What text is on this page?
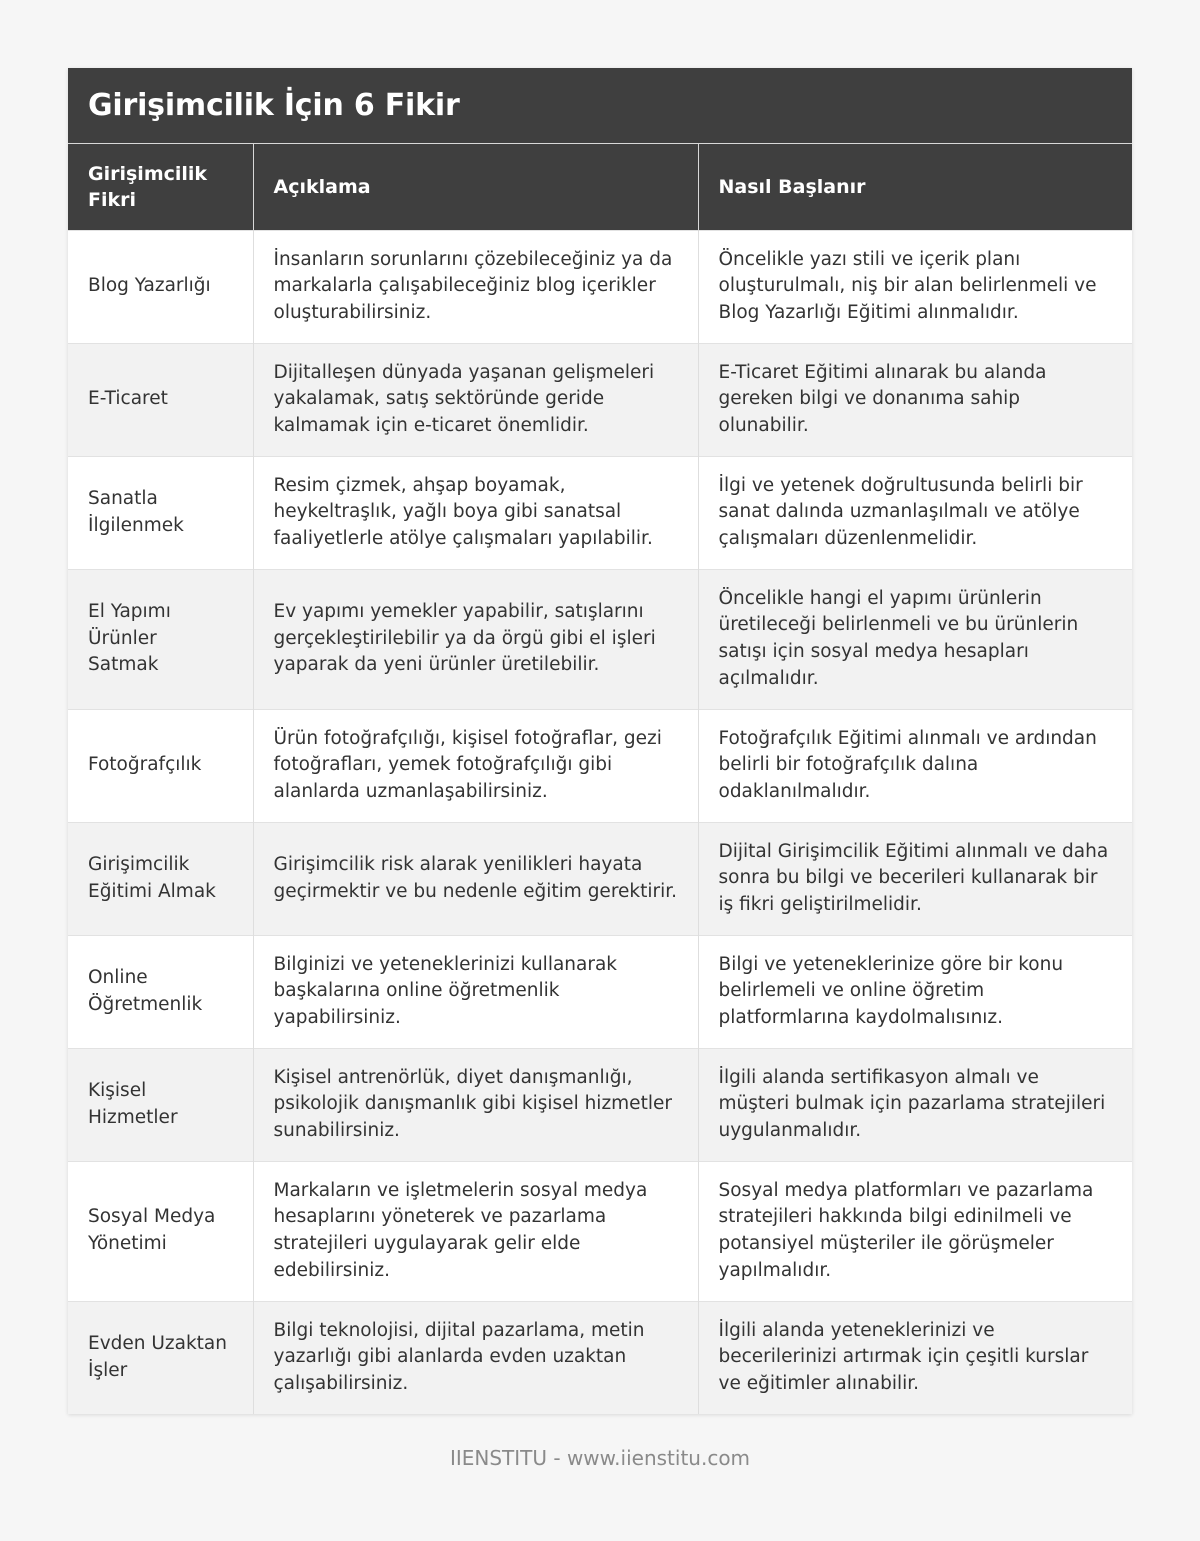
Girişimcilik İçin 6 Fikir
Girişimcilik Fikri	Açıklama	Nasıl Başlanır
Blog Yazarlığı	İnsanların sorunlarını çözebileceğiniz ya da markalarla çalışabileceğiniz blog içerikler oluşturabilirsiniz.	Öncelikle yazı stili ve içerik planı oluşturulmalı, niş bir alan belirlenmeli ve Blog Yazarlığı Eğitimi alınmalıdır.
E-Ticaret	Dijitalleşen dünyada yaşanan gelişmeleri yakalamak, satış sektöründe geride kalmamak için e-ticaret önemlidir.	E-Ticaret Eğitimi alınarak bu alanda gereken bilgi ve donanıma sahip olunabilir.
Sanatla İlgilenmek	Resim çizmek, ahşap boyamak, heykeltraşlık, yağlı boya gibi sanatsal faaliyetlerle atölye çalışmaları yapılabilir.	İlgi ve yetenek doğrultusunda belirli bir sanat dalında uzmanlaşılmalı ve atölye çalışmaları düzenlenmelidir.
El Yapımı Ürünler Satmak	Ev yapımı yemekler yapabilir, satışlarını gerçekleştirilebilir ya da örgü gibi el işleri yaparak da yeni ürünler üretilebilir.	Öncelikle hangi el yapımı ürünlerin üretileceği belirlenmeli ve bu ürünlerin satışı için sosyal medya hesapları açılmalıdır.
Fotoğrafçılık	Ürün fotoğrafçılığı, kişisel fotoğraflar, gezi fotoğrafları, yemek fotoğrafçılığı gibi alanlarda uzmanlaşabilirsiniz.	Fotoğrafçılık Eğitimi alınmalı ve ardından belirli bir fotoğrafçılık dalına odaklanılmalıdır.
Girişimcilik Eğitimi Almak	Girişimcilik risk alarak yenilikleri hayata geçirmektir ve bu nedenle eğitim gerektirir.	Dijital Girişimcilik Eğitimi alınmalı ve daha sonra bu bilgi ve becerileri kullanarak bir iş fikri geliştirilmelidir.
Online Öğretmenlik	Bilginizi ve yeteneklerinizi kullanarak başkalarına online öğretmenlik yapabilirsiniz.	Bilgi ve yeteneklerinize göre bir konu belirlemeli ve online öğretim platformlarına kaydolmalısınız.
Kişisel Hizmetler	Kişisel antrenörlük, diyet danışmanlığı, psikolojik danışmanlık gibi kişisel hizmetler sunabilirsiniz.	İlgili alanda sertifikasyon almalı ve müşteri bulmak için pazarlama stratejileri uygulanmalıdır.
Sosyal Medya Yönetimi	Markaların ve işletmelerin sosyal medya hesaplarını yöneterek ve pazarlama stratejileri uygulayarak gelir elde edebilirsiniz.	Sosyal medya platformları ve pazarlama stratejileri hakkında bilgi edinilmeli ve potansiyel müşteriler ile görüşmeler yapılmalıdır.
Evden Uzaktan İşler	Bilgi teknolojisi, dijital pazarlama, metin yazarlığı gibi alanlarda evden uzaktan çalışabilirsiniz.	İlgili alanda yeteneklerinizi ve becerilerinizi artırmak için çeşitli kurslar ve eğitimler alınabilir.
IIENSTITU - www.iienstitu.com
